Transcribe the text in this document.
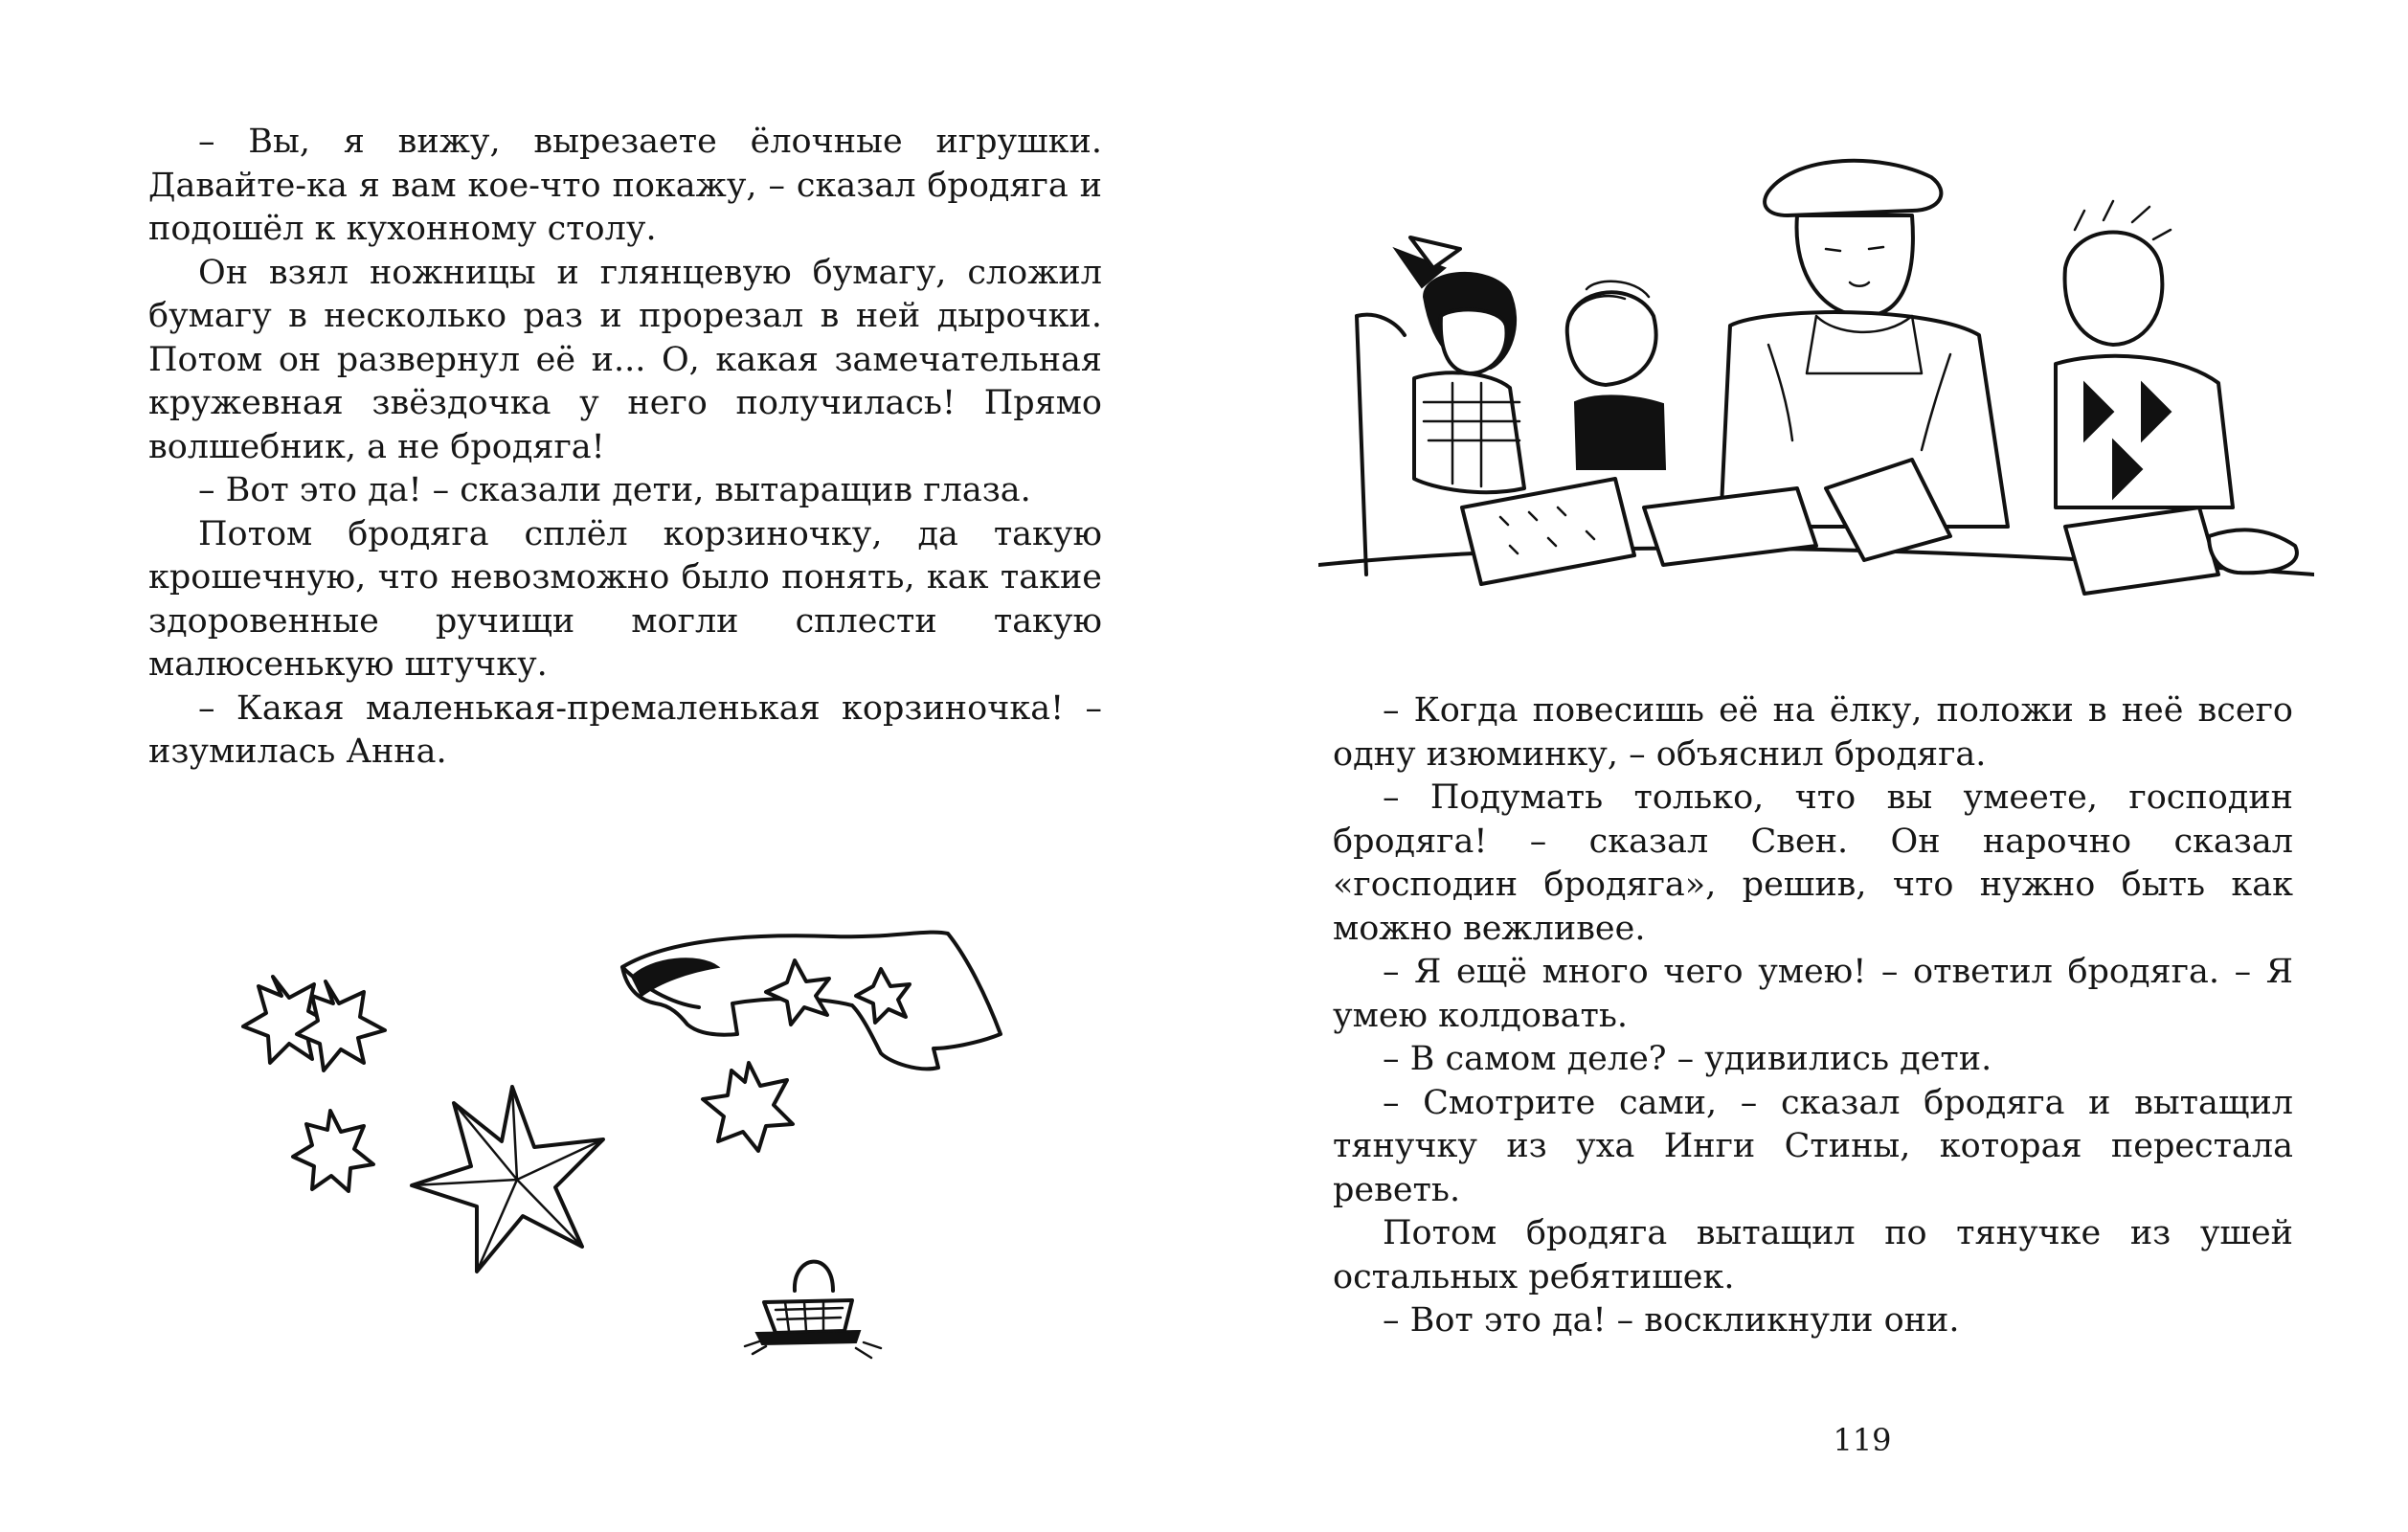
– Вы, я вижу, вырезаете ёлочные игрушки. Давайте-ка я вам кое-что покажу, – сказал бродяга и подошёл к кухонному столу.

Он взял ножницы и глянцевую бумагу, сложил бумагу в несколько раз и прорезал в ней дырочки. Потом он развернул её и... О, какая замечательная кружевная звёздочка у него получилась! Прямо волшебник, а не бродяга!

– Вот это да! – сказали дети, вытаращив глаза.

Потом бродяга сплёл корзиночку, да такую крошечную, что невозможно было понять, как такие здоровенные ручищи могли сплести такую малюсенькую штучку.

– Какая маленькая-премаленькая корзиночка! – изумилась Анна.

– Когда повесишь её на ёлку, положи в неё всего одну изюминку, – объяснил бродяга.

– Подумать только, что вы умеете, господин бродяга! – сказал Свен. Он нарочно сказал «господин бродяга», решив, что нужно быть как можно вежливее.

– Я ещё много чего умею! – ответил бродяга. – Я умею колдовать.

– В самом деле? – удивились дети.

– Смотрите сами, – сказал бродяга и вытащил тянучку из уха Инги Стины, которая перестала реветь.

Потом бродяга вытащил по тянучке из ушей остальных ребятишек.

– Вот это да! – воскликнули они.

119
